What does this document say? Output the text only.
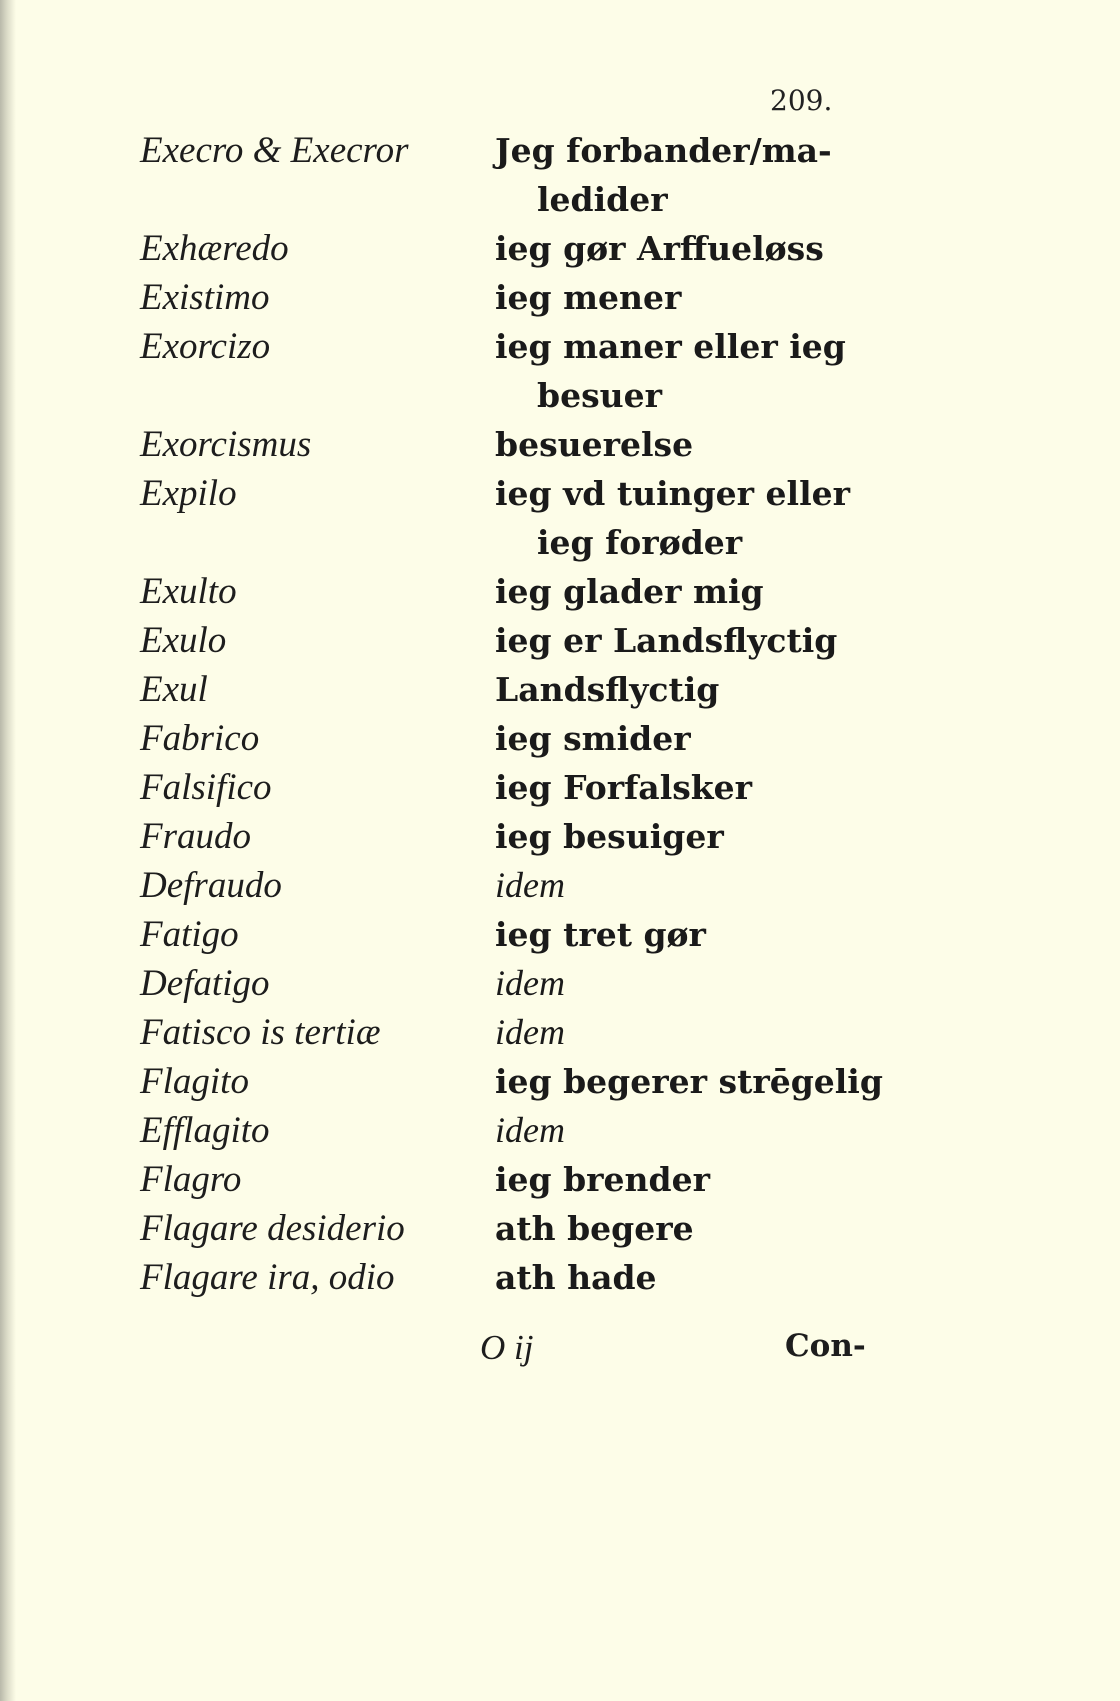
209.
Execro & Execror	Jeg forbander/ma-
ledider
Exhæredo	ieg gør Arffueløss
Existimo	ieg mener
Exorcizo	ieg maner eller ieg
besuer
Exorcismus	besuerelse
Expilo	ieg vd tuinger eller
ieg forøder
Exulto	ieg glader mig
Exulo	ieg er Landsflyctig
Exul	Landsflyctig
Fabrico	ieg smider
Falsifico	ieg Forfalsker
Fraudo	ieg besuiger
Defraudo	idem
Fatigo	ieg tret gør
Defatigo	idem
Fatisco is tertiæ	idem
Flagito	ieg begerer strēgelig
Efflagito	idem
Flagro	ieg brender
Flagare desiderio	ath begere
Flagare ira, odio	ath hade
O ij	Con-
